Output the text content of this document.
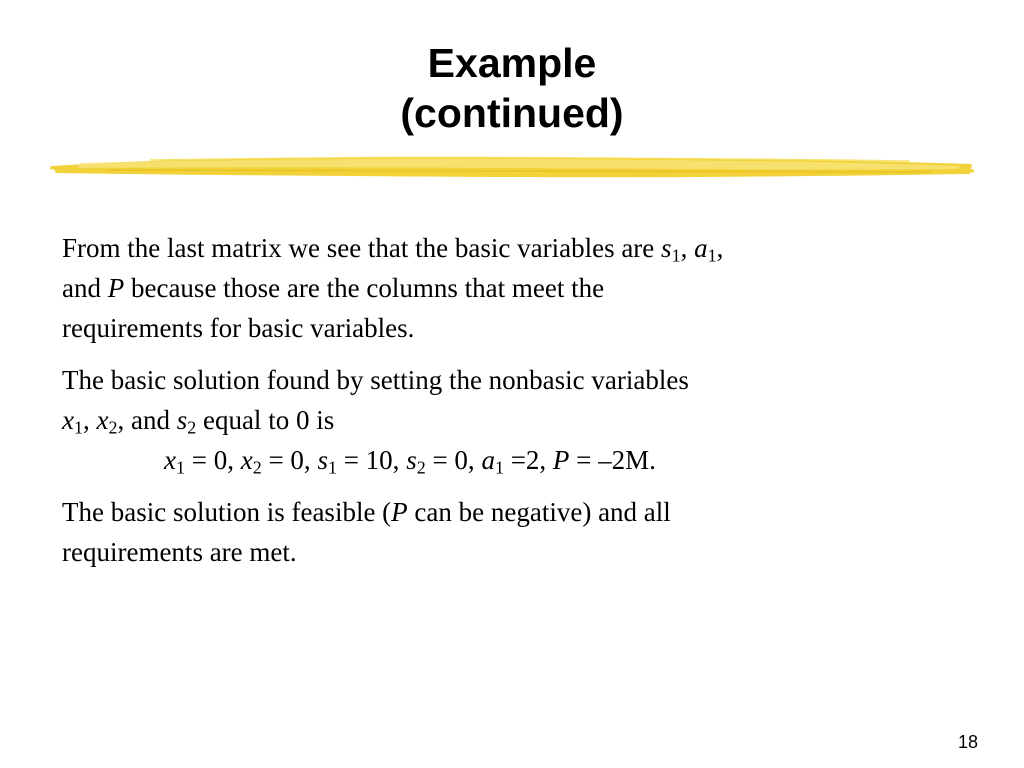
Example
(continued)

From the last matrix we see that the basic variables are $s_1$, $a_1$,
and P because those are the columns that meet the
requirements for basic variables.

The basic solution found by setting the nonbasic variables
$x_1$, $x_2$, and $s_2$ equal to 0 is
$x_1 = 0$, $x_2 = 0$, $s_1 = 10$, $s_2 = 0$, $a_1 =2$, P = –2M.

The basic solution is feasible (P can be negative) and all
requirements are met.

18
